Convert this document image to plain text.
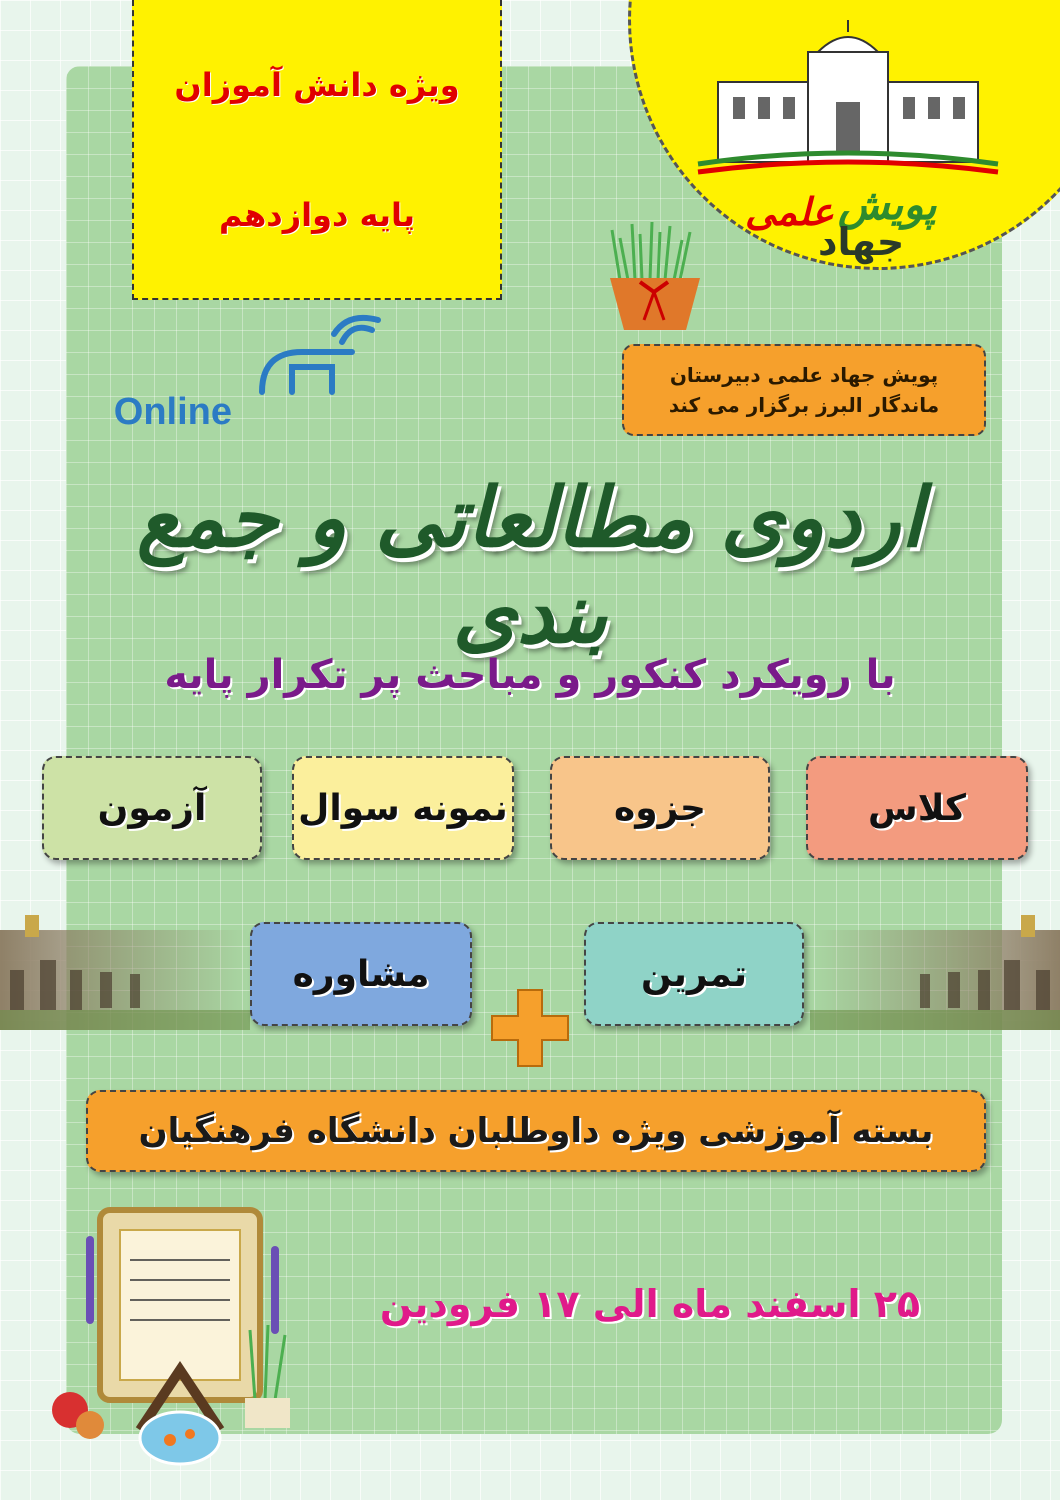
ویژه دانش آموزان
پایه دوازدهم	علمی پویش
جهاد
پویش جهاد علمی دبیرستان
ماندگار البرز برگزار می کند
Online
اردوی مطالعاتی و جمع بندی
با رویکرد کنکور و مباحث پر تکرار پایه
کلاس
جزوه
نمونه سوال
آزمون
تمرین
مشاوره
بسته آموزشی ویژه داوطلبان دانشگاه فرهنگیان
۲۵ اسفند ماه الی ۱۷ فرودین
